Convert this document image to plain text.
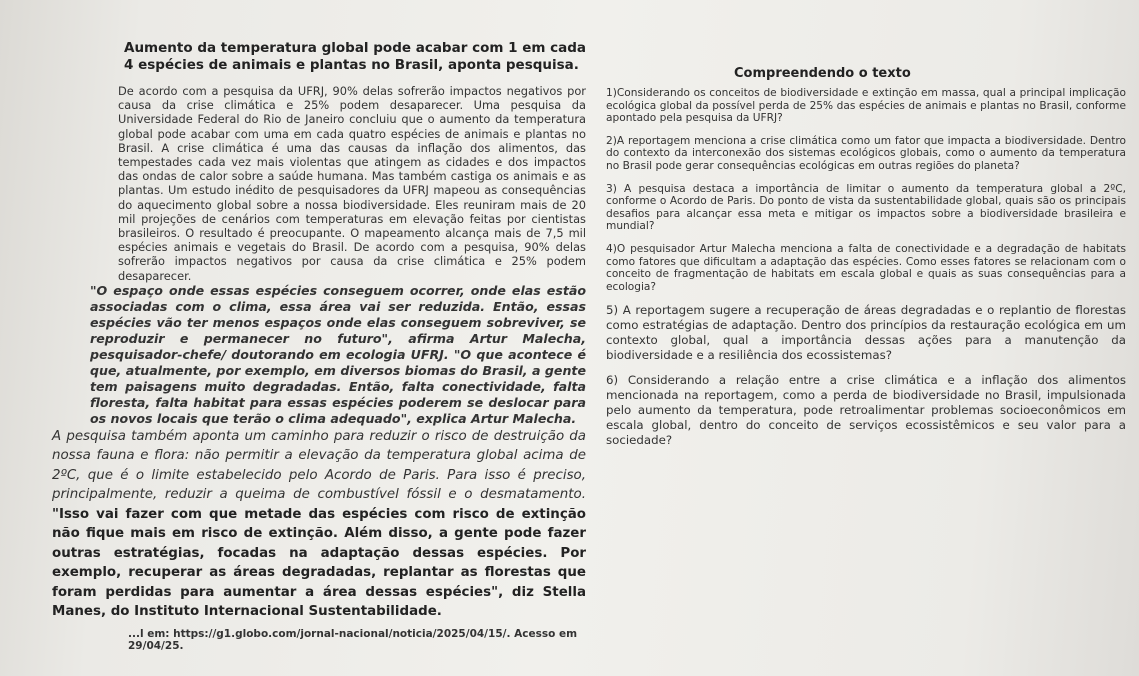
Aumento da temperatura global pode acabar com 1 em cada 4 espécies de animais e plantas no Brasil, aponta pesquisa.

De acordo com a pesquisa da UFRJ, 90% delas sofrerão impactos negativos por causa da crise climática e 25% podem desaparecer. Uma pesquisa da Universidade Federal do Rio de Janeiro concluiu que o aumento da temperatura global pode acabar com uma em cada quatro espécies de animais e plantas no Brasil. A crise climática é uma das causas da inflação dos alimentos, das tempestades cada vez mais violentas que atingem as cidades e dos impactos das ondas de calor sobre a saúde humana. Mas também castiga os animais e as plantas. Um estudo inédito de pesquisadores da UFRJ mapeou as consequências do aquecimento global sobre a nossa biodiversidade. Eles reuniram mais de 20 mil projeções de cenários com temperaturas em elevação feitas por cientistas brasileiros. O resultado é preocupante. O mapeamento alcança mais de 7,5 mil espécies animais e vegetais do Brasil. De acordo com a pesquisa, 90% delas sofrerão impactos negativos por causa da crise climática e 25% podem desaparecer.

"O espaço onde essas espécies conseguem ocorrer, onde elas estão associadas com o clima, essa área vai ser reduzida. Então, essas espécies vão ter menos espaços onde elas conseguem sobreviver, se reproduzir e permanecer no futuro", afirma Artur Malecha, pesquisador-chefe/ doutorando em ecologia UFRJ. "O que acontece é que, atualmente, por exemplo, em diversos biomas do Brasil, a gente tem paisagens muito degradadas. Então, falta conectividade, falta floresta, falta habitat para essas espécies poderem se deslocar para os novos locais que terão o clima adequado", explica Artur Malecha.

A pesquisa também aponta um caminho para reduzir o risco de destruição da nossa fauna e flora: não permitir a elevação da temperatura global acima de 2ºC, que é o limite estabelecido pelo Acordo de Paris. Para isso é preciso, principalmente, reduzir a queima de combustível fóssil e o desmatamento. "Isso vai fazer com que metade das espécies com risco de extinção não fique mais em risco de extinção. Além disso, a gente pode fazer outras estratégias, focadas na adaptação dessas espécies. Por exemplo, recuperar as áreas degradadas, replantar as florestas que foram perdidas para aumentar a área dessas espécies", diz Stella Manes, do Instituto Internacional Sustentabilidade.

...l em: https://g1.globo.com/jornal-nacional/noticia/2025/04/15/. Acesso em 29/04/25.
Compreendendo o texto

1)Considerando os conceitos de biodiversidade e extinção em massa, qual a principal implicação ecológica global da possível perda de 25% das espécies de animais e plantas no Brasil, conforme apontado pela pesquisa da UFRJ?

2)A reportagem menciona a crise climática como um fator que impacta a biodiversidade. Dentro do contexto da interconexão dos sistemas ecológicos globais, como o aumento da temperatura no Brasil pode gerar consequências ecológicas em outras regiões do planeta?

3) A pesquisa destaca a importância de limitar o aumento da temperatura global a 2ºC, conforme o Acordo de Paris. Do ponto de vista da sustentabilidade global, quais são os principais desafios para alcançar essa meta e mitigar os impactos sobre a biodiversidade brasileira e mundial?

4)O pesquisador Artur Malecha menciona a falta de conectividade e a degradação de habitats como fatores que dificultam a adaptação das espécies. Como esses fatores se relacionam com o conceito de fragmentação de habitats em escala global e quais as suas consequências para a ecologia?

5) A reportagem sugere a recuperação de áreas degradadas e o replantio de florestas como estratégias de adaptação. Dentro dos princípios da restauração ecológica em um contexto global, qual a importância dessas ações para a manutenção da biodiversidade e a resiliência dos ecossistemas?

6) Considerando a relação entre a crise climática e a inflação dos alimentos mencionada na reportagem, como a perda de biodiversidade no Brasil, impulsionada pelo aumento da temperatura, pode retroalimentar problemas socioeconômicos em escala global, dentro do conceito de serviços ecossistêmicos e seu valor para a sociedade?
